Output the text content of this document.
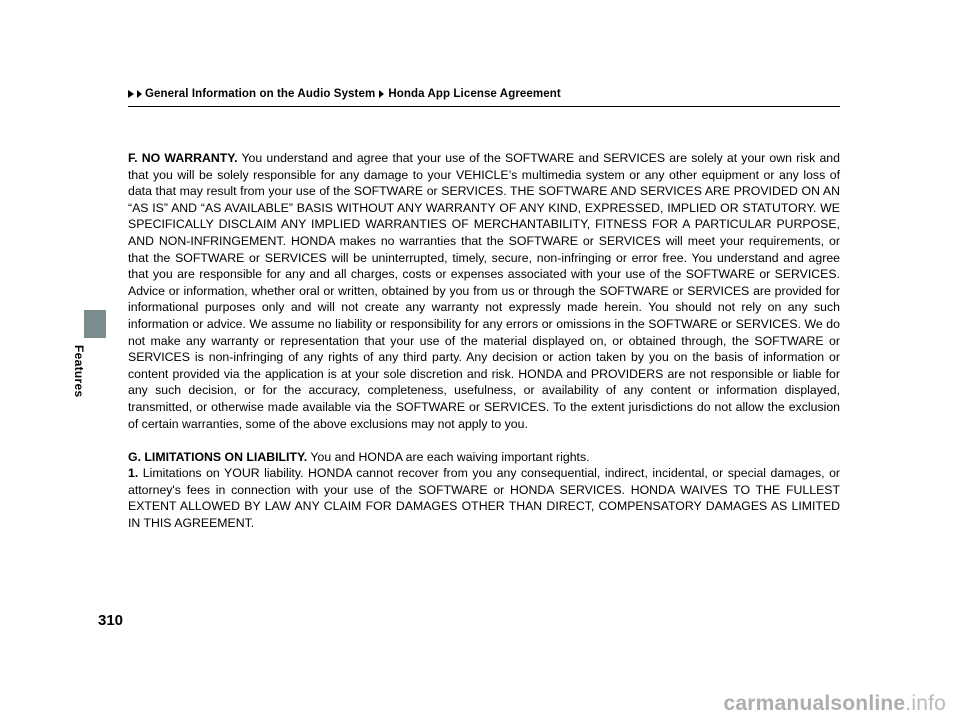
General Information on the Audio System Honda App License Agreement
Features

F. NO WARRANTY. You understand and agree that your use of the SOFTWARE and SERVICES are solely at your own risk and that you will be solely responsible for any damage to your VEHICLE’s multimedia system or any other equipment or any loss of data that may result from your use of the SOFTWARE or SERVICES. THE SOFTWARE AND SERVICES ARE PROVIDED ON AN “AS IS” AND “AS AVAILABLE” BASIS WITHOUT ANY WARRANTY OF ANY KIND, EXPRESSED, IMPLIED OR STATUTORY. WE SPECIFICALLY DISCLAIM ANY IMPLIED WARRANTIES OF MERCHANTABILITY, FITNESS FOR A PARTICULAR PURPOSE, AND NON-INFRINGEMENT. HONDA makes no warranties that the SOFTWARE or SERVICES will meet your requirements, or that the SOFTWARE or SERVICES will be uninterrupted, timely, secure, non-infringing or error free. You understand and agree that you are responsible for any and all charges, costs or expenses associated with your use of the SOFTWARE or SERVICES. Advice or information, whether oral or written, obtained by you from us or through the SOFTWARE or SERVICES are provided for informational purposes only and will not create any warranty not expressly made herein. You should not rely on any such information or advice. We assume no liability or responsibility for any errors or omissions in the SOFTWARE or SERVICES. We do not make any warranty or representation that your use of the material displayed on, or obtained through, the SOFTWARE or SERVICES is non-infringing of any rights of any third party. Any decision or action taken by you on the basis of information or content provided via the application is at your sole discretion and risk. HONDA and PROVIDERS are not responsible or liable for any such decision, or for the accuracy, completeness, usefulness, or availability of any content or information displayed, transmitted, or otherwise made available via the SOFTWARE or SERVICES. To the extent jurisdictions do not allow the exclusion of certain warranties, some of the above exclusions may not apply to you.

G. LIMITATIONS ON LIABILITY. You and HONDA are each waiving important rights.
1. Limitations on YOUR liability. HONDA cannot recover from you any consequential, indirect, incidental, or special damages, or attorney's fees in connection with your use of the SOFTWARE or HONDA SERVICES. HONDA WAIVES TO THE FULLEST EXTENT ALLOWED BY LAW ANY CLAIM FOR DAMAGES OTHER THAN DIRECT, COMPENSATORY DAMAGES AS LIMITED IN THIS AGREEMENT.

310
carmanualsonline.info
